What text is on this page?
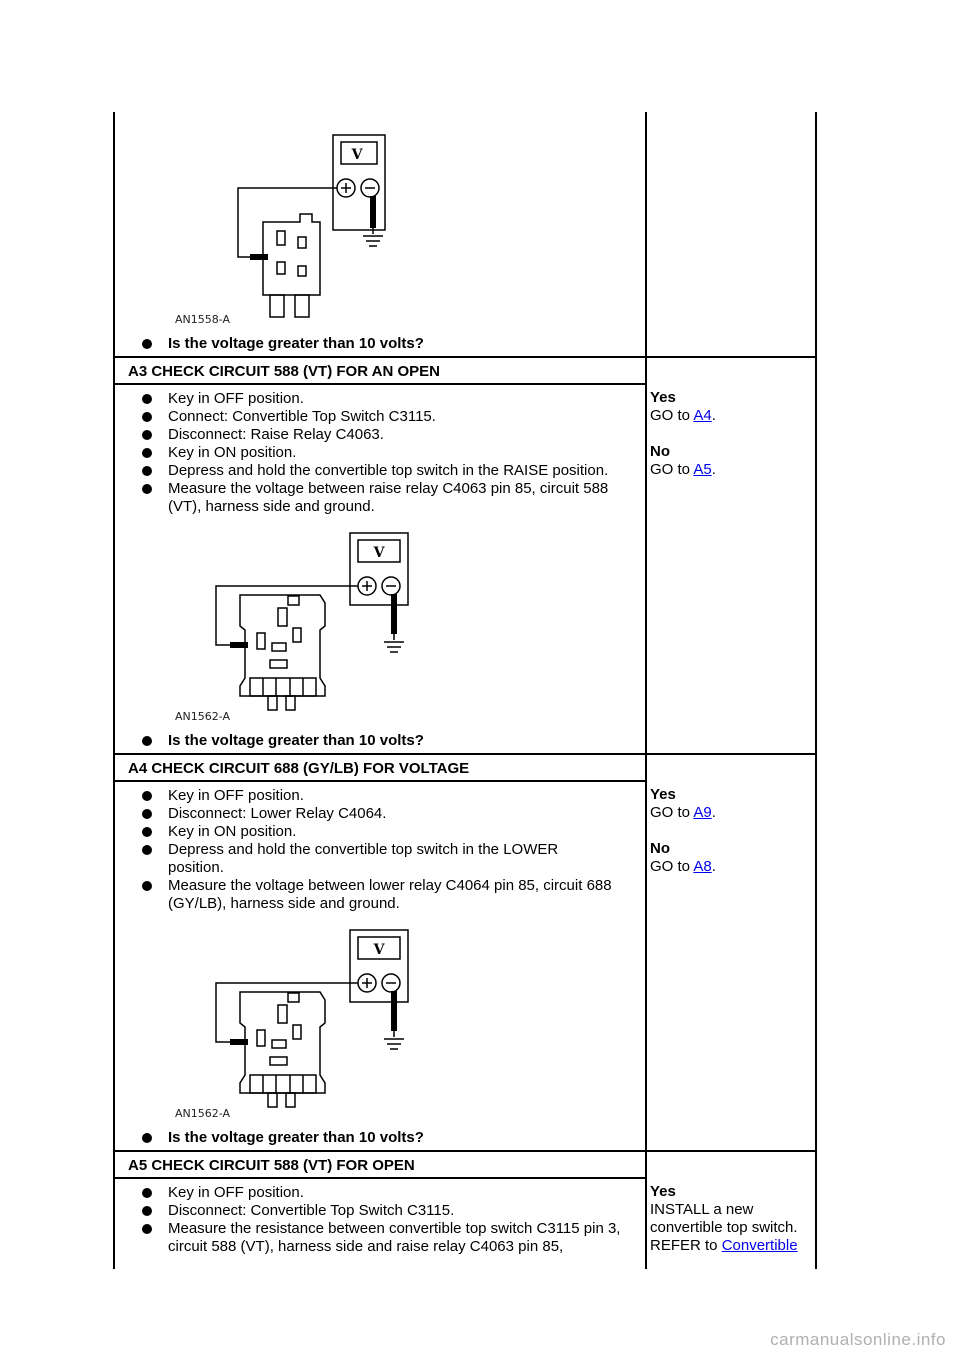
V
AN1558-A
Is the voltage greater than 10 volts?
A3 CHECK CIRCUIT 588 (VT) FOR AN OPEN
Key in OFF position.
Connect: Convertible Top Switch C3115.
Disconnect: Raise Relay C4063.
Key in ON position.
Depress and hold the convertible top switch in the RAISE position.
Measure the voltage between raise relay C4063 pin 85, circuit 588 (VT), harness side and ground.
V
AN1562-A
Is the voltage greater than 10 volts?
Yes
GO to A4.
No
GO to A5.
A4 CHECK CIRCUIT 688 (GY/LB) FOR VOLTAGE
Key in OFF position.
Disconnect: Lower Relay C4064.
Key in ON position.
Depress and hold the convertible top switch in the LOWER position.
Measure the voltage between lower relay C4064 pin 85, circuit 688 (GY/LB), harness side and ground.
V
AN1562-A
Is the voltage greater than 10 volts?
Yes
GO to A9.
No
GO to A8.
A5 CHECK CIRCUIT 588 (VT) FOR OPEN
Key in OFF position.
Disconnect: Convertible Top Switch C3115.
Measure the resistance between convertible top switch C3115 pin 3, circuit 588 (VT), harness side and raise relay C4063 pin 85,
Yes
INSTALL a new convertible top switch. REFER to Convertible
carmanualsonline.info
